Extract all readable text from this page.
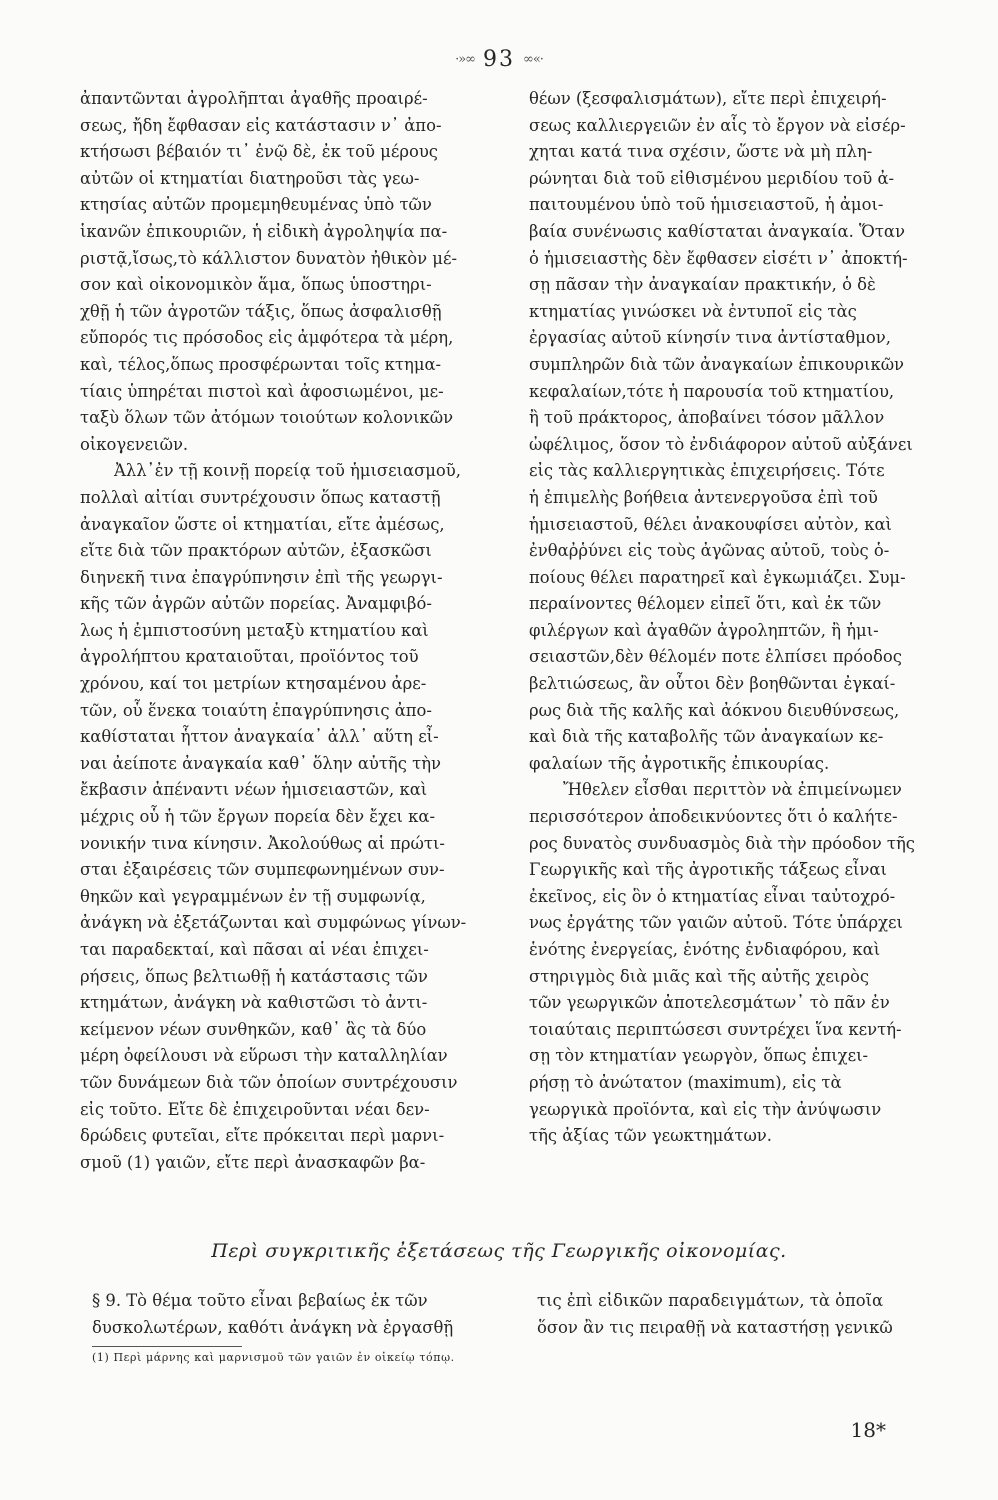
·»∞ 93 ∞«·
ἀπαντῶνται ἀγρολῆπται ἀγαθῆς προαιρέ-
σεως, ἤδη ἔφθασαν εἰς κατάστασιν ν᾽ ἀπο-
κτήσωσι βέβαιόν τι᾽ ἐνῷ δὲ, ἐκ τοῦ μέρους
αὐτῶν οἱ κτηματίαι διατηροῦσι τὰς γεω-
κτησίας αὐτῶν προμεμηθευμένας ὑπὸ τῶν
ἱκανῶν ἐπικουριῶν, ἡ εἰδικὴ ἀγροληψία πα-
ριστᾷ,ἴσως,τὸ κάλλιστον δυνατὸν ἠθικὸν μέ-
σον καὶ οἰκονομικὸν ἅμα, ὅπως ὑποστηρι-
χθῇ ἡ τῶν ἀγροτῶν τάξις, ὅπως ἀσφαλισθῇ
εὔπορός τις πρόσοδος εἰς ἀμφότερα τὰ μέρη,
καὶ, τέλος,ὅπως προσφέρωνται τοῖς κτημα-
τίαις ὑπηρέται πιστοὶ καὶ ἀφοσιωμένοι, με-
ταξὺ ὅλων τῶν ἀτόμων τοιούτων κολονικῶν
οἰκογενειῶν.
Ἀλλ᾽ἐν τῇ κοινῇ πορείᾳ τοῦ ἡμισειασμοῦ,
πολλαὶ αἰτίαι συντρέχουσιν ὅπως καταστῇ
ἀναγκαῖον ὥστε οἱ κτηματίαι, εἴτε ἀμέσως,
εἴτε διὰ τῶν πρακτόρων αὐτῶν, ἐξασκῶσι
διηνεκῆ τινα ἐπαγρύπνησιν ἐπὶ τῆς γεωργι-
κῆς τῶν ἀγρῶν αὐτῶν πορείας. Ἀναμφιβό-
λως ἡ ἐμπιστοσύνη μεταξὺ κτηματίου καὶ
ἀγρολήπτου κραταιοῦται, προϊόντος τοῦ
χρόνου, καί τοι μετρίων κτησαμένου ἀρε-
τῶν, οὗ ἕνεκα τοιαύτη ἐπαγρύπνησις ἀπο-
καθίσταται ἧττον ἀναγκαία᾽ ἀλλ᾽ αὕτη εἶ-
ναι ἀείποτε ἀναγκαία καθ᾽ ὅλην αὐτῆς τὴν
ἔκβασιν ἀπέναντι νέων ἡμισειαστῶν, καὶ
μέχρις οὗ ἡ τῶν ἔργων πορεία δὲν ἔχει κα-
νονικήν τινα κίνησιν. Ἀκολούθως αἱ πρώτι-
σται ἐξαιρέσεις τῶν συμπεφωνημένων συν-
θηκῶν καὶ γεγραμμένων ἐν τῇ συμφωνίᾳ,
ἀνάγκη νὰ ἐξετάζωνται καὶ συμφώνως γίνων-
ται παραδεκταί, καὶ πᾶσαι αἱ νέαι ἐπιχει-
ρήσεις, ὅπως βελτιωθῇ ἡ κατάστασις τῶν
κτημάτων, ἀνάγκη νὰ καθιστῶσι τὸ ἀντι-
κείμενον νέων συνθηκῶν, καθ᾽ ἃς τὰ δύο
μέρη ὀφείλουσι νὰ εὕρωσι τὴν καταλληλίαν
τῶν δυνάμεων διὰ τῶν ὁποίων συντρέχουσιν
εἰς τοῦτο. Εἴτε δὲ ἐπιχειροῦνται νέαι δεν-
δρώδεις φυτεῖαι, εἴτε πρόκειται περὶ μαρνι-
σμοῦ (1) γαιῶν, εἴτε περὶ ἀνασκαφῶν βα-
θέων (ξεσφαλισμάτων), εἴτε περὶ ἐπιχειρή-
σεως καλλιεργειῶν ἐν αἷς τὸ ἔργον νὰ εἰσέρ-
χηται κατά τινα σχέσιν, ὥστε νὰ μὴ πλη-
ρώνηται διὰ τοῦ εἰθισμένου μεριδίου τοῦ ἀ-
παιτουμένου ὑπὸ τοῦ ἡμισειαστοῦ, ἡ ἀμοι-
βαία συνένωσις καθίσταται ἀναγκαία. Ὅταν
ὁ ἡμισειαστὴς δὲν ἔφθασεν εἰσέτι ν᾽ ἀποκτή-
σῃ πᾶσαν τὴν ἀναγκαίαν πρακτικήν, ὁ δὲ
κτηματίας γινώσκει νὰ ἐντυποῖ εἰς τὰς
ἐργασίας αὐτοῦ κίνησίν τινα ἀντίσταθμον,
συμπληρῶν διὰ τῶν ἀναγκαίων ἐπικουρικῶν
κεφαλαίων,τότε ἡ παρουσία τοῦ κτηματίου,
ἢ τοῦ πράκτορος, ἀποβαίνει τόσον μᾶλλον
ὠφέλιμος, ὅσον τὸ ἐνδιάφορον αὐτοῦ αὐξάνει
εἰς τὰς καλλιεργητικὰς ἐπιχειρήσεις. Τότε
ἡ ἐπιμελὴς βοήθεια ἀντενεργοῦσα ἐπὶ τοῦ
ἡμισειαστοῦ, θέλει ἀνακουφίσει αὐτὸν, καὶ
ἐνθαῤῥύνει εἰς τοὺς ἀγῶνας αὐτοῦ, τοὺς ὁ-
ποίους θέλει παρατηρεῖ καὶ ἐγκωμιάζει. Συμ-
περαίνοντες θέλομεν εἰπεῖ ὅτι, καὶ ἐκ τῶν
φιλέργων καὶ ἀγαθῶν ἀγροληπτῶν, ἢ ἡμι-
σειαστῶν,δὲν θέλομέν ποτε ἐλπίσει πρόοδος
βελτιώσεως, ἂν οὗτοι δὲν βοηθῶνται ἐγκαί-
ρως διὰ τῆς καλῆς καὶ ἀόκνου διευθύνσεως,
καὶ διὰ τῆς καταβολῆς τῶν ἀναγκαίων κε-
φαλαίων τῆς ἀγροτικῆς ἐπικουρίας.
Ἤθελεν εἶσθαι περιττὸν νὰ ἐπιμείνωμεν
περισσότερον ἀποδεικνύοντες ὅτι ὁ καλήτε-
ρος δυνατὸς συνδυασμὸς διὰ τὴν πρόοδον τῆς
Γεωργικῆς καὶ τῆς ἀγροτικῆς τάξεως εἶναι
ἐκεῖνος, εἰς ὃν ὁ κτηματίας εἶναι ταὐτοχρό-
νως ἐργάτης τῶν γαιῶν αὐτοῦ. Τότε ὑπάρχει
ἑνότης ἐνεργείας, ἑνότης ἐνδιαφόρου, καὶ
στηριγμὸς διὰ μιᾶς καὶ τῆς αὐτῆς χειρὸς
τῶν γεωργικῶν ἀποτελεσμάτων᾽ τὸ πᾶν ἐν
τοιαύταις περιπτώσεσι συντρέχει ἵνα κεντή-
σῃ τὸν κτηματίαν γεωργὸν, ὅπως ἐπιχει-
ρήσῃ τὸ ἀνώτατον (maximum), εἰς τὰ
γεωργικὰ προϊόντα, καὶ εἰς τὴν ἀνύψωσιν
τῆς ἀξίας τῶν γεωκτημάτων.
Περὶ συγκριτικῆς ἐξετάσεως τῆς Γεωργικῆς οἰκονομίας.
§ 9. Τὸ θέμα τοῦτο εἶναι βεβαίως ἐκ τῶν
δυσκολωτέρων, καθότι ἀνάγκη νὰ ἐργασθῇ
τις ἐπὶ εἰδικῶν παραδειγμάτων, τὰ ὁποῖα
ὅσον ἂν τις πειραθῇ νὰ καταστήσῃ γενικῶ
(1) Περὶ μάρνης καὶ μαρνισμοῦ τῶν γαιῶν ἐν οἰκείῳ τόπῳ.
18*
